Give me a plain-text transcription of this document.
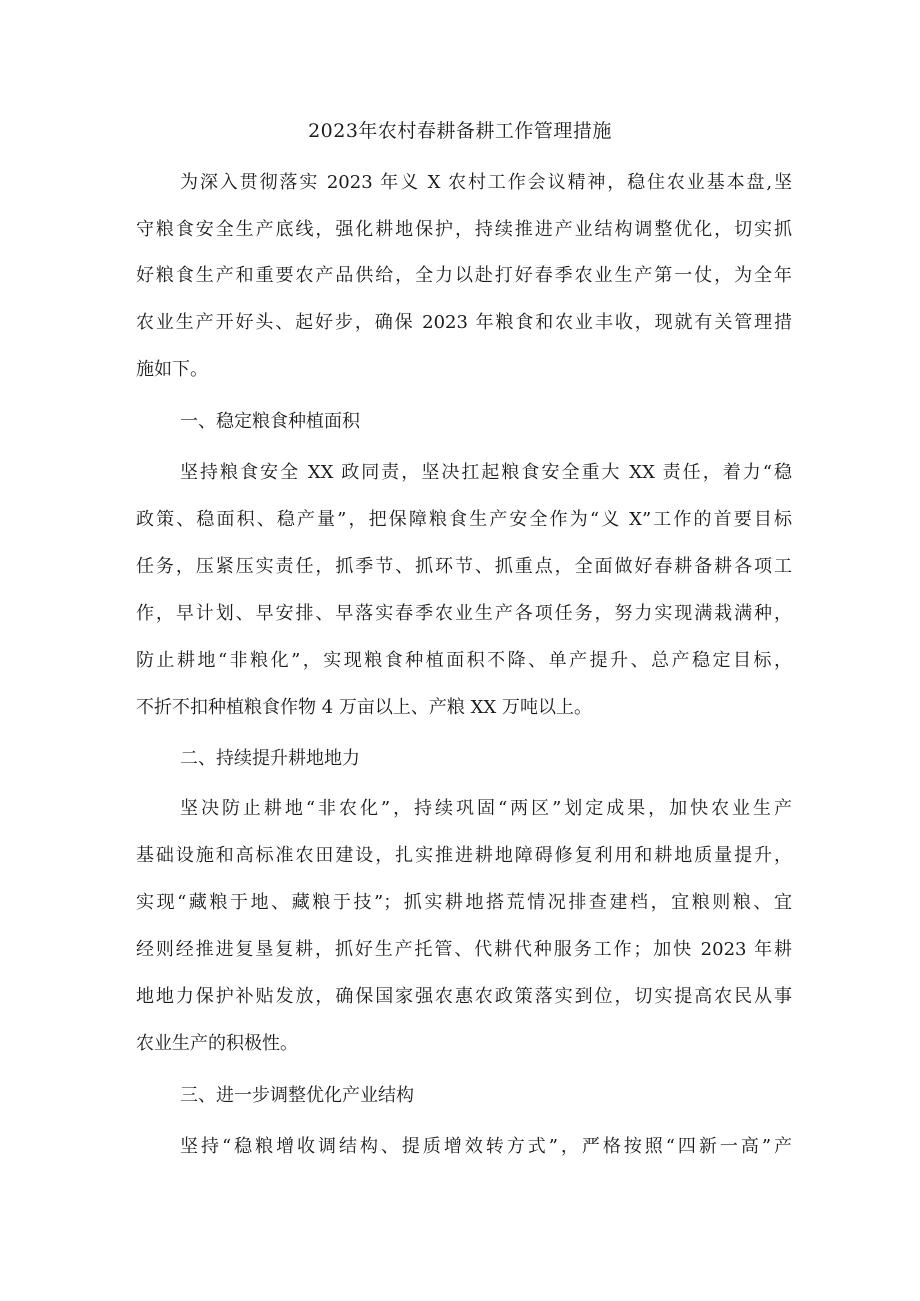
2023年农村春耕备耕工作管理措施
为深入贯彻落实 2023 年义 X 农村工作会议精神，稳住农业基本盘,坚
守粮食安全生产底线，强化耕地保护，持续推进产业结构调整优化，切实抓
好粮食生产和重要农产品供给，全力以赴打好春季农业生产第一仗，为全年
农业生产开好头、起好步，确保 2023 年粮食和农业丰收，现就有关管理措
施如下。
一、稳定粮食种植面积
坚持粮食安全 XX 政同责，坚决扛起粮食安全重大 XX 责任，着力“稳
政策、稳面积、稳产量”，把保障粮食生产安全作为“义 X”工作的首要目标
任务，压紧压实责任，抓季节、抓环节、抓重点，全面做好春耕备耕各项工
作，早计划、早安排、早落实春季农业生产各项任务，努力实现满栽满种，
防止耕地“非粮化”，实现粮食种植面积不降、单产提升、总产稳定目标，
不折不扣种植粮食作物 4 万亩以上、产粮 XX 万吨以上。
二、持续提升耕地地力
坚决防止耕地“非农化”，持续巩固“两区”划定成果，加快农业生产
基础设施和高标准农田建设，扎实推进耕地障碍修复利用和耕地质量提升，
实现“藏粮于地、藏粮于技”；抓实耕地搭荒情况排查建档，宜粮则粮、宜
经则经推进复垦复耕，抓好生产托管、代耕代种服务工作；加快 2023 年耕
地地力保护补贴发放，确保国家强农惠农政策落实到位，切实提高农民从事
农业生产的积极性。
三、进一步调整优化产业结构
坚持“稳粮增收调结构、提质增效转方式”，严格按照“四新一高”产
